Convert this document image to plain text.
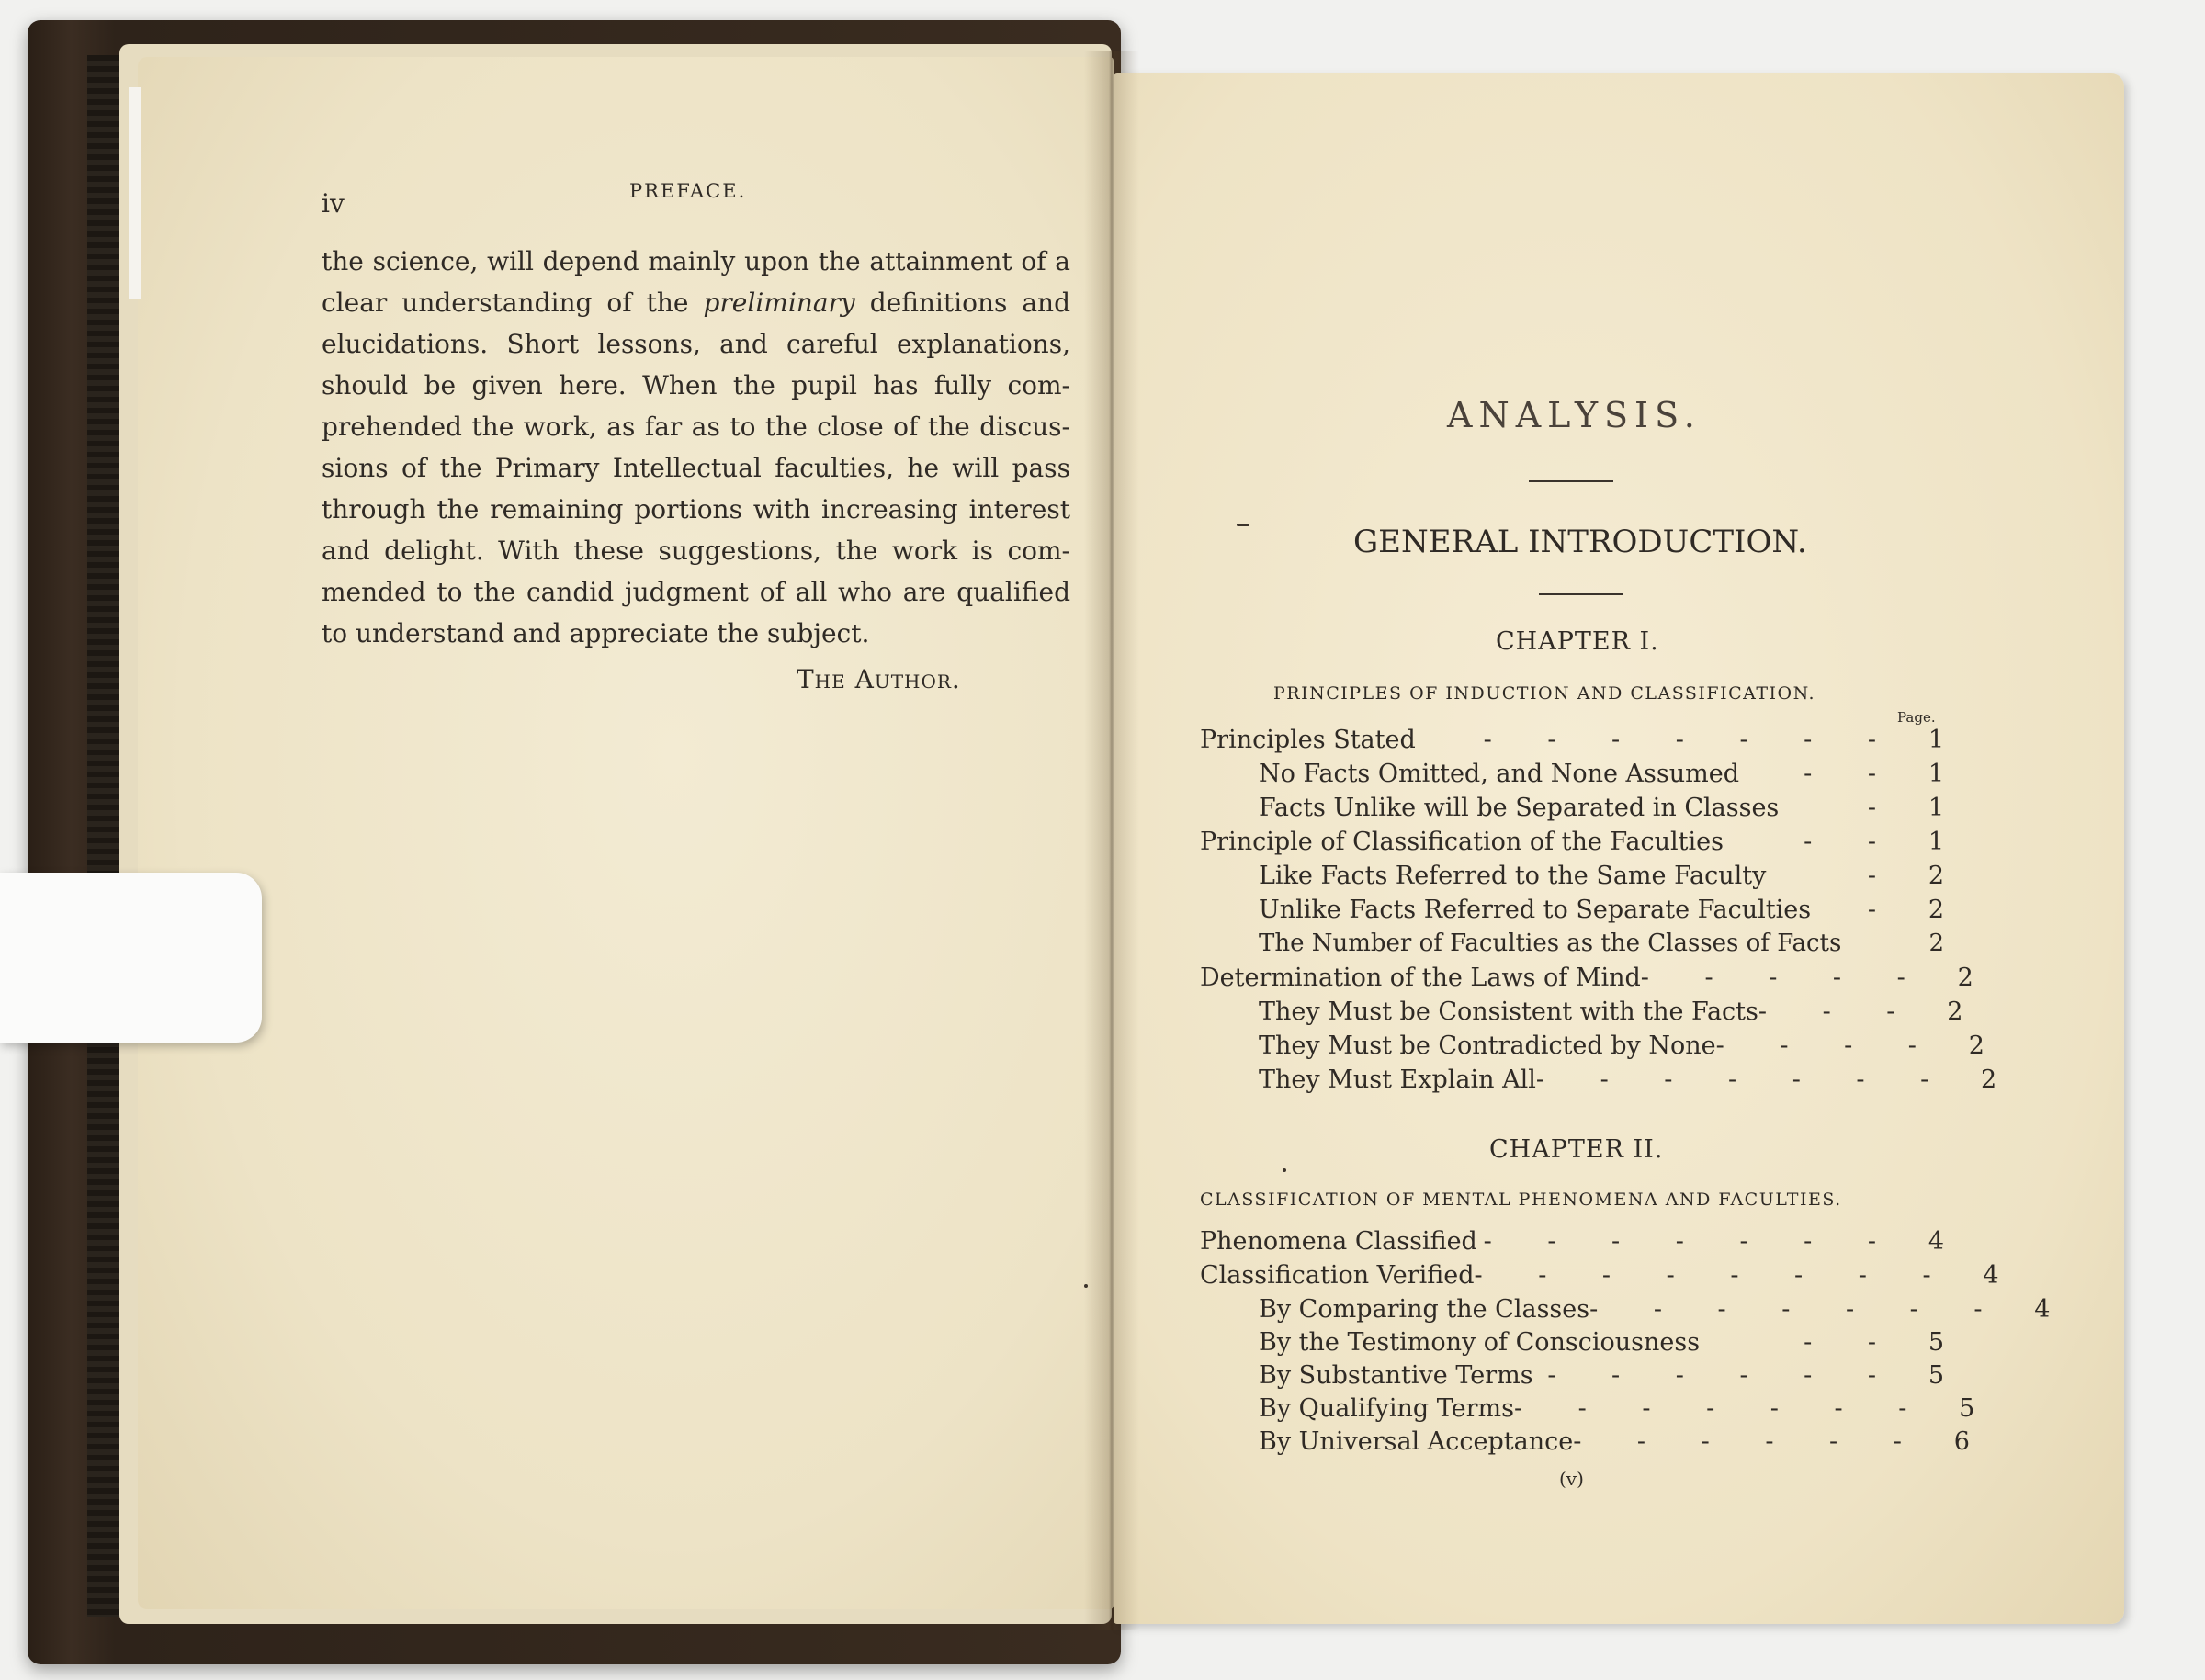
iv	PREFACE.
the science, will depend mainly upon the attainment of a
clear understanding of the preliminary definitions and
elucidations. Short lessons, and careful explanations,
should be given here. When the pupil has fully com-
prehended the work, as far as to the close of the discus-
sions of the Primary Intellectual faculties, he will pass
through the remaining portions with increasing interest
and delight. With these suggestions, the work is com-
mended to the candid judgment of all who are qualified
to understand and appreciate the subject.
The Author.
ANALYSIS.
GENERAL INTRODUCTION.
CHAPTER I.
PRINCIPLES OF INDUCTION AND CLASSIFICATION.
Page.
Principles Stated	- - - - - - -	1
No Facts Omitted, and None Assumed	- -	1
Facts Unlike will be Separated in Classes	-	1
Principle of Classification of the Faculties	- -	1
Like Facts Referred to the Same Faculty	-	2
Unlike Facts Referred to Separate Faculties	-	2
The Number of Faculties as the Classes of Facts	2
Determination of the Laws of Mind - - - - -	2
They Must be Consistent with the Facts - - -	2
They Must be Contradicted by None - - - -	2
They Must Explain All - - - - - - -	2
CHAPTER II.
CLASSIFICATION OF MENTAL PHENOMENA AND FACULTIES.
Phenomena Classified - - - - - - -	4
Classification Verified - - - - - - - -	4
By Comparing the Classes - - - - - - -	4
By the Testimony of Consciousness	- -	5
By Substantive Terms - - - - - -	5
By Qualifying Terms - - - - - - -	5
By Universal Acceptance - - - - - -	6
(v)
